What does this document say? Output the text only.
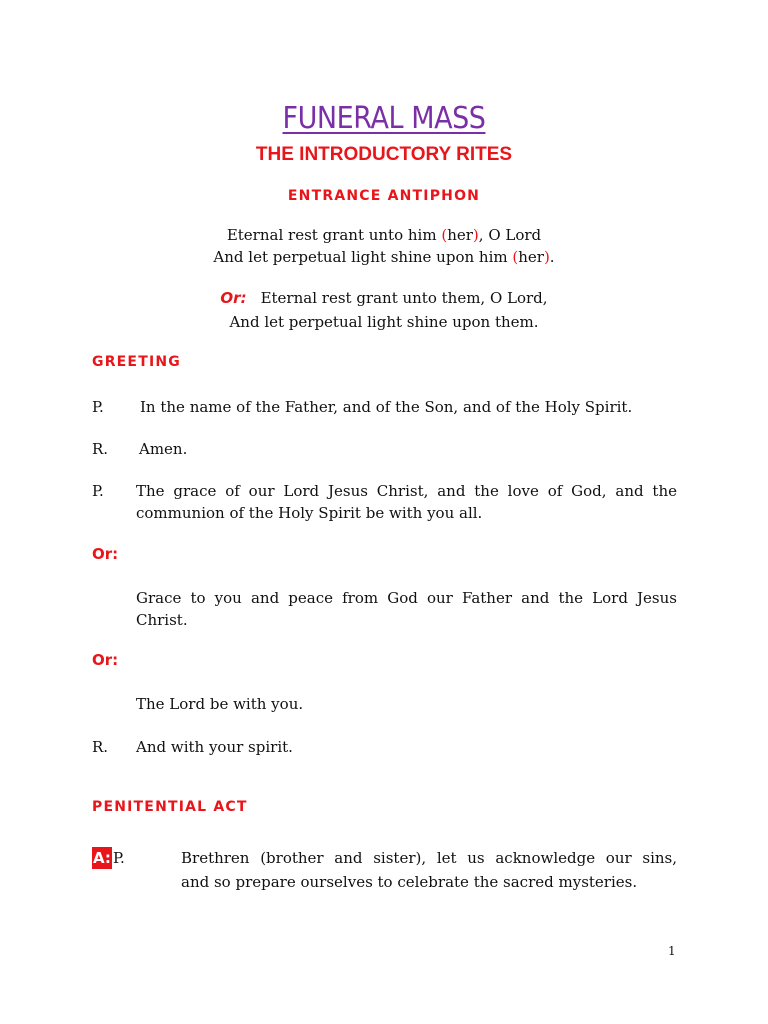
FUNERAL MASS
THE INTRODUCTORY RITES
ENTRANCE ANTIPHON
Eternal rest grant unto him (her), O Lord
And let perpetual light shine upon him (her).
Or: Eternal rest grant unto them, O Lord,
And let perpetual light shine upon them.
GREETING
P. In the name of the Father, and of the Son, and of the Holy Spirit.
R. Amen.
P. The grace of our Lord Jesus Christ, and the love of God, and the
communion of the Holy Spirit be with you all.
Or:
Grace to you and peace from God our Father and the Lord Jesus
Christ.
Or:
The Lord be with you.
R. And with your spirit.
PENITENTIAL ACT
A: P.	Brethren (brother and sister), let us acknowledge our sins,
and so prepare ourselves to celebrate the sacred mysteries.
1
